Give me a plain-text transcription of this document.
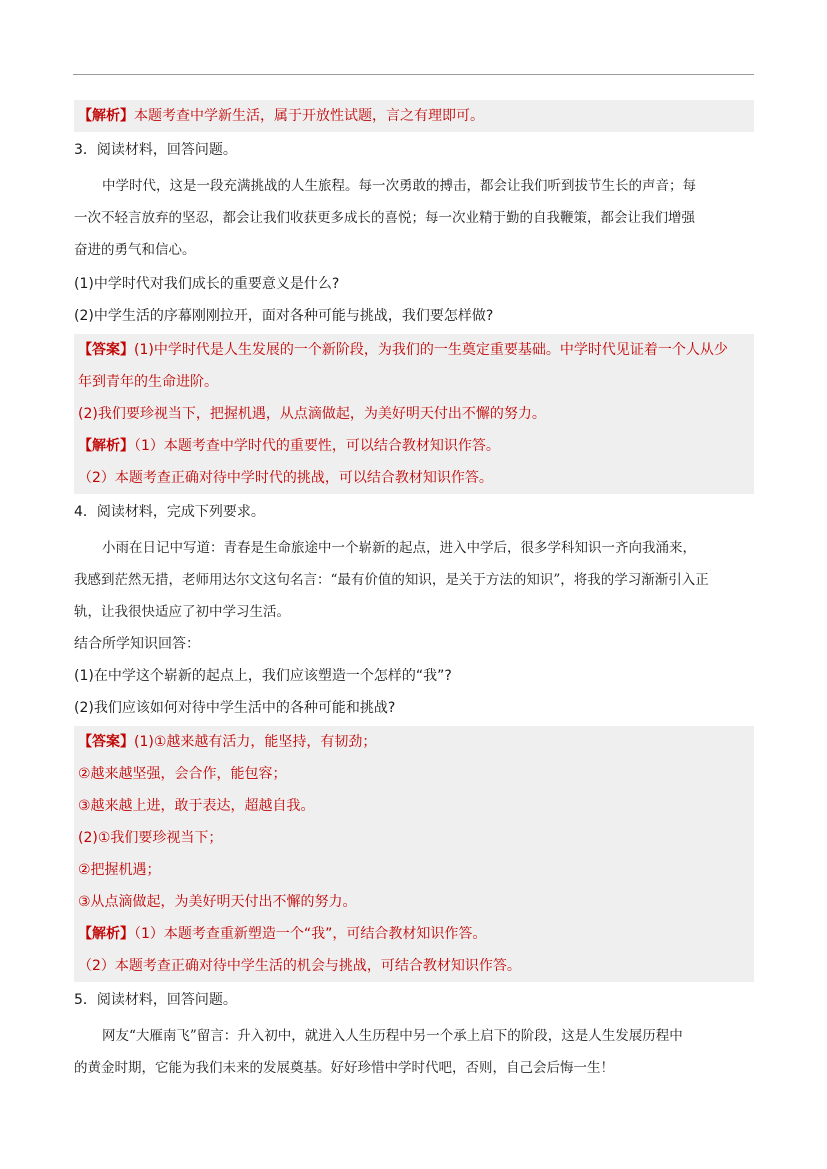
【解析】本题考查中学新生活，属于开放性试题，言之有理即可。
3．阅读材料，回答问题。
中学时代，这是一段充满挑战的人生旅程。每一次勇敢的搏击，都会让我们听到拔节生长的声音；每
一次不轻言放弃的坚忍，都会让我们收获更多成长的喜悦；每一次业精于勤的自我鞭策，都会让我们增强
奋进的勇气和信心。
(1)中学时代对我们成长的重要意义是什么?
(2)中学生活的序幕刚刚拉开，面对各种可能与挑战，我们要怎样做?
【答案】(1)中学时代是人生发展的一个新阶段，为我们的一生奠定重要基础。中学时代见证着一个人从少
年到青年的生命进阶。
(2)我们要珍视当下，把握机遇，从点滴做起，为美好明天付出不懈的努力。
【解析】（1）本题考查中学时代的重要性，可以结合教材知识作答。
（2）本题考查正确对待中学时代的挑战，可以结合教材知识作答。
4．阅读材料，完成下列要求。
小雨在日记中写道：青春是生命旅途中一个崭新的起点，进入中学后，很多学科知识一齐向我涌来，
我感到茫然无措，老师用达尔文这句名言：“最有价值的知识，是关于方法的知识”，将我的学习渐渐引入正
轨，让我很快适应了初中学习生活。
结合所学知识回答：
(1)在中学这个崭新的起点上，我们应该塑造一个怎样的“我”?
(2)我们应该如何对待中学生活中的各种可能和挑战?
【答案】(1)①越来越有活力，能坚持，有韧劲；
②越来越坚强，会合作，能包容；
③越来越上进，敢于表达，超越自我。
(2)①我们要珍视当下；
②把握机遇；
③从点滴做起，为美好明天付出不懈的努力。
【解析】（1）本题考查重新塑造一个“我”，可结合教材知识作答。
（2）本题考查正确对待中学生活的机会与挑战，可结合教材知识作答。
5．阅读材料，回答问题。
网友“大雁南飞”留言：升入初中，就进入人生历程中另一个承上启下的阶段，这是人生发展历程中
的黄金时期，它能为我们未来的发展奠基。好好珍惜中学时代吧，否则，自己会后悔一生！
